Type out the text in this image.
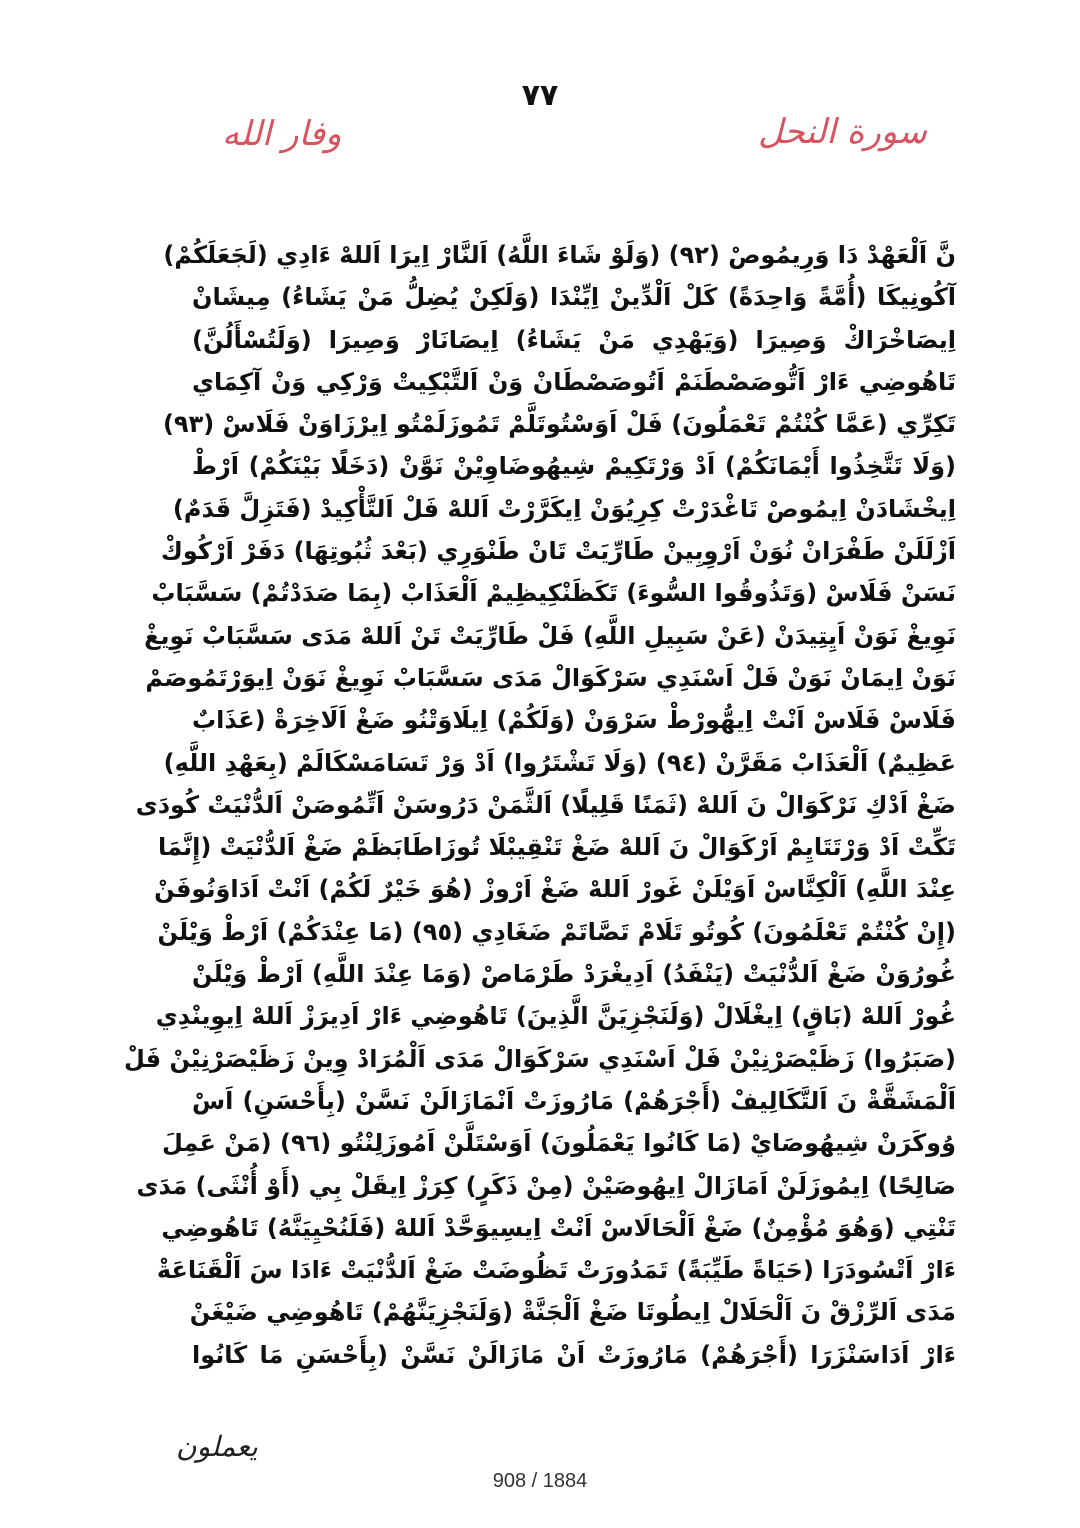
٧٧
وفار الله	سورة النحل
نَّ اَلْعَهْدْ دَا وَرِيمُوصْ (٩٢) (وَلَوْ شَاءَ اللَّهُ) اَلنَّارْ اِيرَا اَللهْ ءَادِي (لَجَعَلَكُمْ)
آكُونِيكَا (أُمَّةً وَاحِدَةً) كَلْ اَلْدِّينْ اِيِّنْدَا (وَلَكِنْ يُضِلُّ مَنْ يَشَاءُ) مِيشَانْ
اِيصَاخْرَاكْ وَصِيرَا (وَيَهْدِي مَنْ يَشَاءُ) اِيصَانَارْ وَصِيرَا (وَلَتُسْأَلُنَّ)
تَاهُوضِي ءَارْ اَتُّوصَصْطَنَمْ اَتُوصَصْطَانْ وَنْ اَلتَّبْكِيتْ وَرْكِي وَنْ آكِمَاي
تَكِرِّي (عَمَّا كُنْتُمْ تَعْمَلُونَ) فَلْ اَوَسْتُوتَلَّمْ تَمُوزَلَمْتُو اِيرْزَاوَنْ فَلَاسْ (٩٣)
(وَلَا تَتَّخِذُوا أَيْمَانَكُمْ) اَدْ وَرْتَكِيمْ شِيهُوضَاوِيْنْ نَوَّنْ (دَخَلًا بَيْنَكُمْ) اَرْطْ
اِيخْشَادَنْ اِيمُوصْ تَاغْدَرْتْ كِرِيُوَنْ اِيكَرَّرْتْ اَللهْ فَلْ اَلتَّأْكِيدْ (فَتَزِلَّ قَدَمٌ)
اَزْلَلَنْ طَفْرَانْ نُوَنْ اَرْوِبِينْ طَارِّيَتْ تَانْ طَنْوَرِي (بَعْدَ ثُبُوتِهَا) دَفَرْ اَرْكُوكْ
نَسَنْ فَلَاسْ (وَتَذُوقُوا السُّوءَ) تَكَظَنْكِيظِيمْ اَلْعَذَابْ (بِمَا صَدَدْتُمْ) سَسَّبَابْ
نَوِيغْ نَوَنْ اَيِتِيدَنْ (عَنْ سَبِيلِ اللَّهِ) فَلْ طَارِّيَتْ تَنْ اَللهْ مَدَى سَسَّبَابْ نَوِيغْ
نَوَنْ اِيمَانْ نَوَنْ فَلْ اَسْنَدِي سَرْكَوَالْ مَدَى سَسَّبَابْ نَوِيغْ نَوَنْ اِيوَرْتَمُوصَمْ
فَلَاسْ فَلَاسْ اَنْتْ اِيهُّورْطْ سَرْوَنْ (وَلَكُمْ) اِيلَاوَتْنُو ضَغْ اَلَاخِرَةْ (عَذَابٌ
عَظِيمٌ) اَلْعَذَابْ مَقَرَّنْ (٩٤) (وَلَا تَشْتَرُوا) اَدْ وَرْ تَسَامَسْكَالَمْ (بِعَهْدِ اللَّهِ)
ضَغْ اَدْكِ نَرْكَوَالْ نَ اَللهْ (ثَمَنًا قَلِيلًا) اَلثَّمَنْ دَرُوسَنْ اَتِّمُوصَنْ اَلدُّنْيَتْ كُودَى
تَكِّتْ اَدْ وَرْتَتَايِمْ اَرْكَوَالْ نَ اَللهْ ضَغْ تَنْقِيبْلَا تُوزَاطَابَظَمْ ضَغْ اَلدُّنْيَتْ (إِنَّمَا
عِنْدَ اللَّهِ) اَلْكِنَّاسْ اَوَيْلَنْ غَورْ اَللهْ ضَغْ اَرْوزْ (هُوَ خَيْرٌ لَكُمْ) اَنْتْ اَدَاوَنُوفَنْ
(إِنْ كُنْتُمْ تَعْلَمُونَ) كُوتُو تَلَامْ تَصَّاتَمْ ضَغَادِي (٩٥) (مَا عِنْدَكُمْ) اَرْطْ وَيْلَنْ
غُورُوَنْ ضَغْ اَلدُّنْيَتْ (يَنْفَدُ) اَدِيغْرَدْ طَرْمَاصْ (وَمَا عِنْدَ اللَّهِ) اَرْطْ وَيْلَنْ
غُورْ اَللهْ (بَاقٍ) اِيغْلَالْ (وَلَنَجْزِيَنَّ الَّذِينَ) تَاهُوضِي ءَارْ اَدِيرَزْ اَللهْ اِيوِينْدِي
(صَبَرُوا) زَظَيْصَرْنِيْنْ فَلْ اَسْنَدِي سَرْكَوَالْ مَدَى اَلْمُرَادْ وِينْ زَظَيْصَرْنِيْنْ فَلْ
اَلْمَشَقَّةْ نَ اَلتَّكَالِيفْ (أَجْرَهُمْ) مَارُوزَتْ اَنْمَازَالَنْ نَسَّنْ (بِأَحْسَنِ) اَسْ
وُوكَرَنْ شِيهُوصَايْ (مَا كَانُوا يَعْمَلُونَ) اَوَسْتَلَّنْ اَمُوزَلِنْتُو (٩٦) (مَنْ عَمِلَ
صَالِحًا) اِيمُوزَلَنْ اَمَازَالْ اِيهُوصَيْنْ (مِنْ ذَكَرٍ) كِرَزْ اِيقَلْ بِي (أَوْ أُنْثَى) مَدَى
تَنْتِي (وَهُوَ مُؤْمِنٌ) ضَغْ اَلْحَالَاسْ اَنْتْ اِيسِيوَحَّدْ اَللهْ (فَلَنُحْيِيَنَّهُ) تَاهُوضِي
ءَارْ اَتْسُودَرَا (حَيَاةً طَيِّبَةً) تَمَدُورَتْ تَظُوضَتْ ضَغْ اَلدُّنْيَتْ ءَادَا سَ اَلْقَنَاعَةْ
مَدَى اَلرِّزْقْ نَ اَلْحَلَالْ اِيطُوتَا ضَغْ اَلْجَنَّةْ (وَلَنَجْزِيَنَّهُمْ) تَاهُوضِي ضَيْغَنْ
ءَارْ اَدَاسَنْزَرَا (أَجْرَهُمْ) مَارُوزَتْ اَنْ مَازَالَنْ نَسَّنْ (بِأَحْسَنِ مَا كَانُوا
يعملون
908 / 1884
